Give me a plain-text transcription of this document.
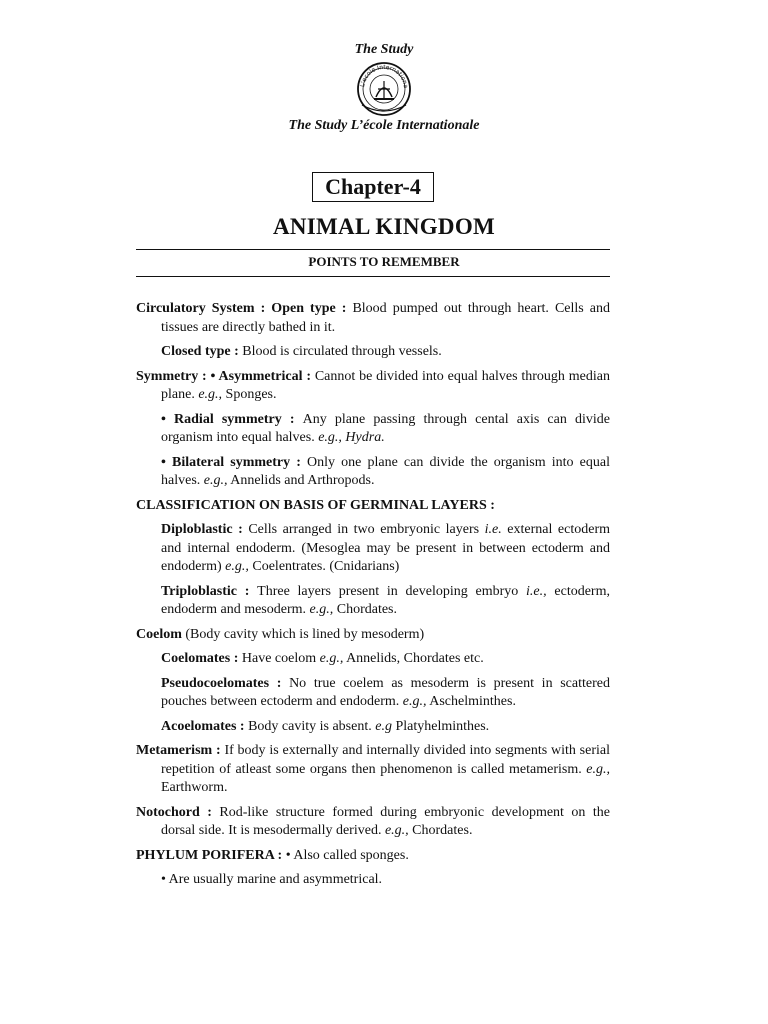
The Study
L'ecole Internationa
The Study L’école Internationale
Chapter-4
ANIMAL KINGDOM
POINTS TO REMEMBER

Circulatory System : Open type : Blood pumped out through heart. Cells and tissues are directly bathed in it.

Closed type : Blood is circulated through vessels.

Symmetry : • Asymmetrical : Cannot be divided into equal halves through median plane. e.g., Sponges.

• Radial symmetry : Any plane passing through cental axis can divide organism into equal halves. e.g., Hydra.

• Bilateral symmetry : Only one plane can divide the organism into equal halves. e.g., Annelids and Arthropods.

CLASSIFICATION ON BASIS OF GERMINAL LAYERS :

Diploblastic : Cells arranged in two embryonic layers i.e. external ectoderm and internal endoderm. (Mesoglea may be present in between ectoderm and endoderm) e.g., Coelentrates. (Cnidarians)

Triploblastic : Three layers present in developing embryo i.e., ectoderm, endoderm and mesoderm. e.g., Chordates.

Coelom (Body cavity which is lined by mesoderm)

Coelomates : Have coelom e.g., Annelids, Chordates etc.

Pseudocoelomates : No true coelem as mesoderm is present in scattered pouches between ectoderm and endoderm. e.g., Aschelminthes.

Acoelomates : Body cavity is absent. e.g Platyhelminthes.

Metamerism : If body is externally and internally divided into segments with serial repetition of atleast some organs then phenomenon is called metamerism. e.g., Earthworm.

Notochord : Rod-like structure formed during embryonic development on the dorsal side. It is mesodermally derived. e.g., Chordates.

PHYLUM PORIFERA : • Also called sponges.

• Are usually marine and asymmetrical.
